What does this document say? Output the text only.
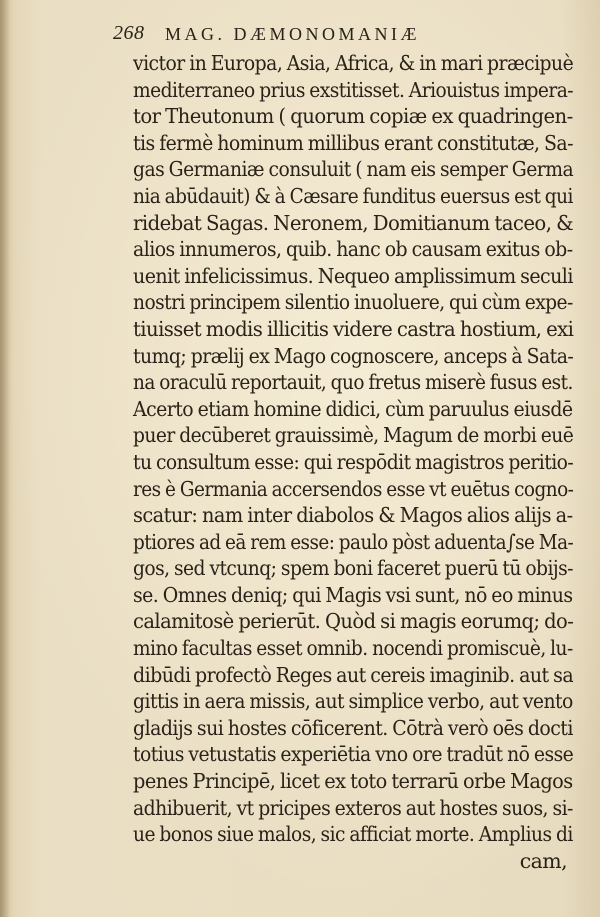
268 MAG. DÆMONOMANIÆ
victor in Europa, Asia, Africa, & in mari præcipuè
mediterraneo prius exstitisset. Ariouistus impera-
tor Theutonum ( quorum copiæ ex quadringen-
tis fermè hominum millibus erant constitutæ, Sa-
gas Germaniæ consuluit ( nam eis semper Germa
nia abūdauit) & à Cæsare funditus euersus est qui
ridebat Sagas. Neronem, Domitianum taceo, &
alios innumeros, quib. hanc ob causam exitus ob-
uenit infelicissimus. Nequeo amplissimum seculi
nostri principem silentio inuoluere, qui cùm expe-
tiuisset modis illicitis videre castra hostium, exi
tumq; prælij ex Mago cognoscere, anceps à Sata-
na oraculū reportauit, quo fretus miserè fusus est.
Acerto etiam homine didici, cùm paruulus eiusdē
puer decūberet grauissimè, Magum de morbi euē
tu consultum esse: qui respōdit magistros peritio-
res è Germania accersendos esse vt euētus cogno-
scatur: nam inter diabolos & Magos alios alijs a-
ptiores ad eā rem esse: paulo pòst aduenta∫se Ma-
gos, sed vtcunq; spem boni faceret puerū tū obijs-
se. Omnes deniq; qui Magis vsi sunt, nō eo minus
calamitosè perierūt. Quòd si magis eorumq; do-
mino facultas esset omnib. nocendi promiscuè, lu-
dibūdi profectò Reges aut cereis imaginib. aut sa
gittis in aera missis, aut simplice verbo, aut vento
gladijs sui hostes cōficerent. Cōtrà verò oēs docti
totius vetustatis experiētia vno ore tradūt nō esse
penes Principē, licet ex toto terrarū orbe Magos
adhibuerit, vt pricipes exteros aut hostes suos, si-
ue bonos siue malos, sic afficiat morte. Amplius di
cam,
